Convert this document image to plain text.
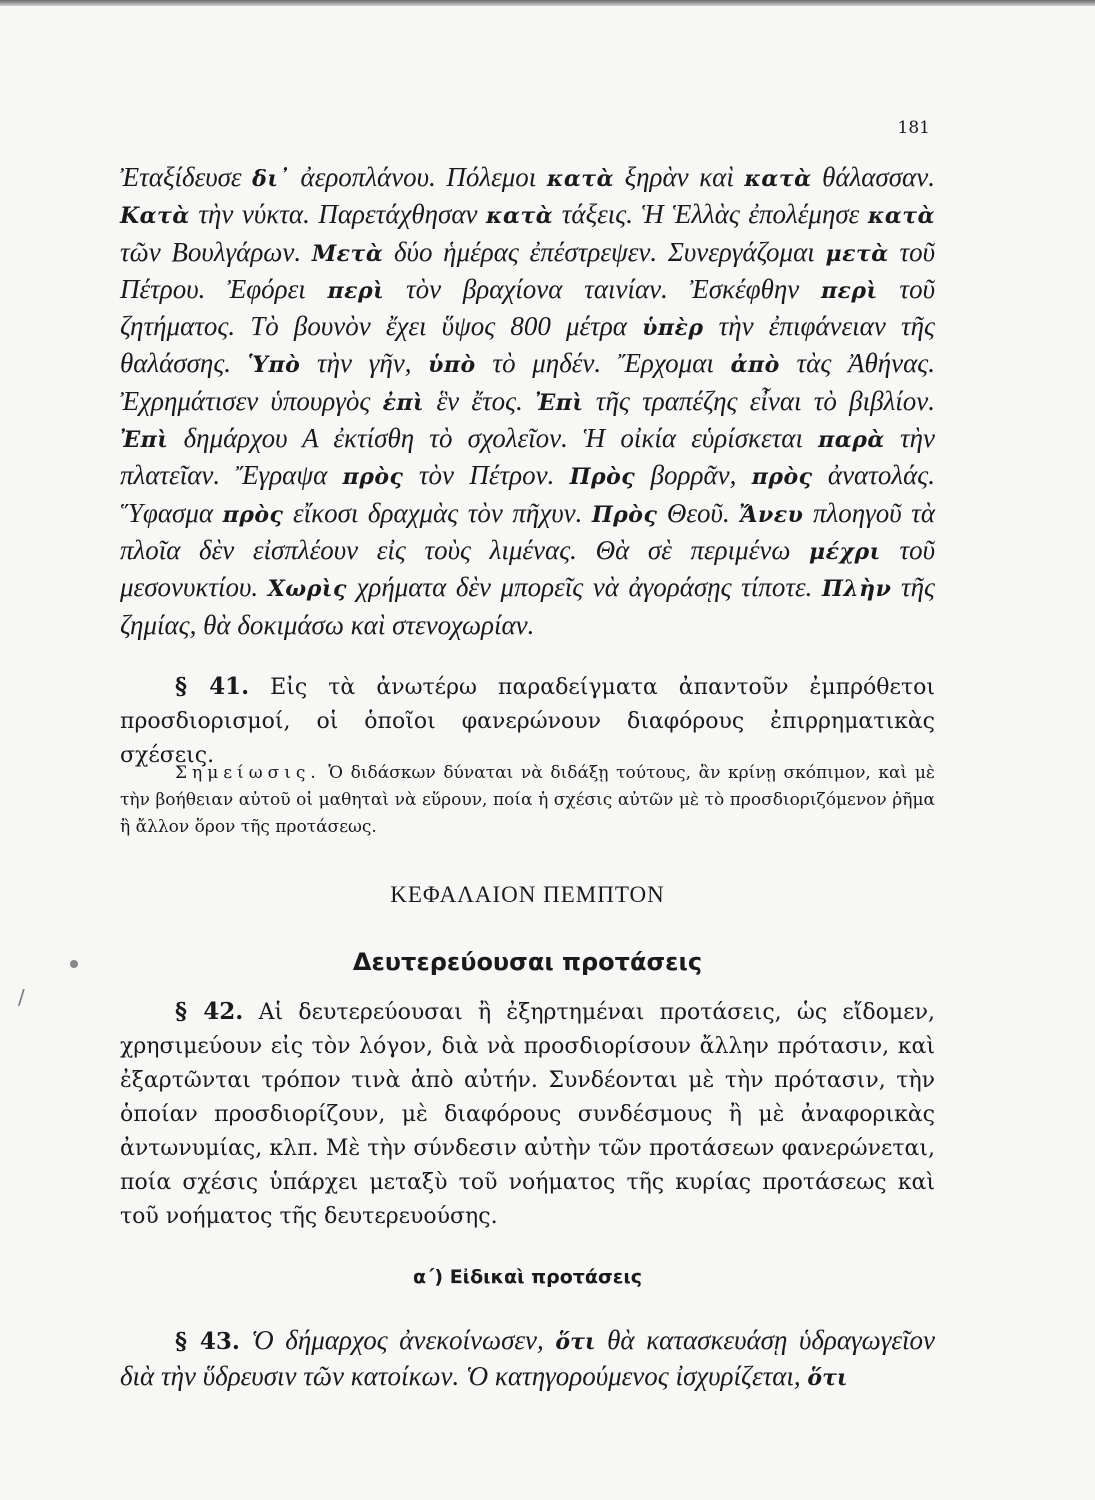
/
181
Ἐταξίδευσε δι᾿ ἀεροπλάνου. Πόλεμοι κατὰ ξηρὰν καὶ κατὰ θάλασσαν. Κατὰ τὴν νύκτα. Παρετάχθησαν κατὰ τάξεις. Ἡ Ἑλλὰς ἐπολέμησε κατὰ τῶν Βουλγάρων. Μετὰ δύο ἡμέρας ἐπέστρεψεν. Συνεργάζομαι μετὰ τοῦ Πέτρου. Ἐφόρει περὶ τὸν βραχίονα ταινίαν. Ἐσκέφθην περὶ τοῦ ζητήματος. Τὸ βουνὸν ἔχει ὕψος 800 μέτρα ὑπὲρ τὴν ἐπιφάνειαν τῆς θαλάσσης. Ὑπὸ τὴν γῆν, ὑπὸ τὸ μηδέν. Ἔρχομαι ἀπὸ τὰς Ἀθήνας. Ἐχρημάτισεν ὑπουργὸς ἐπὶ ἓν ἔτος. Ἐπὶ τῆς τραπέζης εἶναι τὸ βιβλίον. Ἐπὶ δημάρχου Α ἐκτίσθη τὸ σχολεῖον. Ἡ οἰκία εὑρίσκεται παρὰ τὴν πλατεῖαν. Ἔγραψα πρὸς τὸν Πέτρον. Πρὸς βορρᾶν, πρὸς ἀνατολάς. Ὕφασμα πρὸς εἴκοσι δραχμὰς τὸν πῆχυν. Πρὸς Θεοῦ. Ἄνευ πλοηγοῦ τὰ πλοῖα δὲν εἰσπλέουν εἰς τοὺς λιμένας. Θὰ σὲ περιμένω μέχρι τοῦ μεσονυκτίου. Χωρὶς χρήματα δὲν μπορεῖς νὰ ἀγοράσῃς τίποτε. Πλὴν τῆς ζημίας, θὰ δοκιμάσω καὶ στενοχωρίαν.
§ 41. Εἰς τὰ ἀνωτέρω παραδείγματα ἀπαντοῦν ἐμπρόθετοι προσδιορισμοί, οἱ ὁποῖοι φανερώνουν διαφόρους ἐπιρρηματικὰς σχέσεις.
Σημείωσις. Ὁ διδάσκων δύναται νὰ διδάξῃ τούτους, ἂν κρίνῃ σκόπιμον, καὶ μὲ τὴν βοήθειαν αὐτοῦ οἱ μαθηταὶ νὰ εὕρουν, ποία ἡ σχέσις αὐτῶν μὲ τὸ προσδιοριζόμενον ῥῆμα ἢ ἄλλον ὅρον τῆς προτάσεως.
ΚΕΦΑΛΑΙΟΝ ΠΕΜΠΤΟΝ
Δευτερεύουσαι προτάσεις
§ 42. Αἱ δευτερεύουσαι ἢ ἐξηρτημέναι προτάσεις, ὡς εἴδομεν, χρησιμεύουν εἰς τὸν λόγον, διὰ νὰ προσδιορίσουν ἄλλην πρότασιν, καὶ ἐξαρτῶνται τρόπον τινὰ ἀπὸ αὐτήν. Συνδέονται μὲ τὴν πρότασιν, τὴν ὁποίαν προσδιορίζουν, μὲ διαφόρους συνδέσμους ἢ μὲ ἀναφορικὰς ἀντωνυμίας, κλπ. Μὲ τὴν σύνδεσιν αὐτὴν τῶν προτάσεων φανερώνεται, ποία σχέσις ὑπάρχει μεταξὺ τοῦ νοήματος τῆς κυρίας προτάσεως καὶ τοῦ νοήματος τῆς δευτερευούσης.
α΄) Εἰδικαὶ προτάσεις
§ 43. Ὁ δήμαρχος ἀνεκοίνωσεν, ὅτι θὰ κατασκευάσῃ ὑδραγωγεῖον διὰ τὴν ὕδρευσιν τῶν κατοίκων. Ὁ κατηγορούμενος ἰσχυρίζεται, ὅτι
